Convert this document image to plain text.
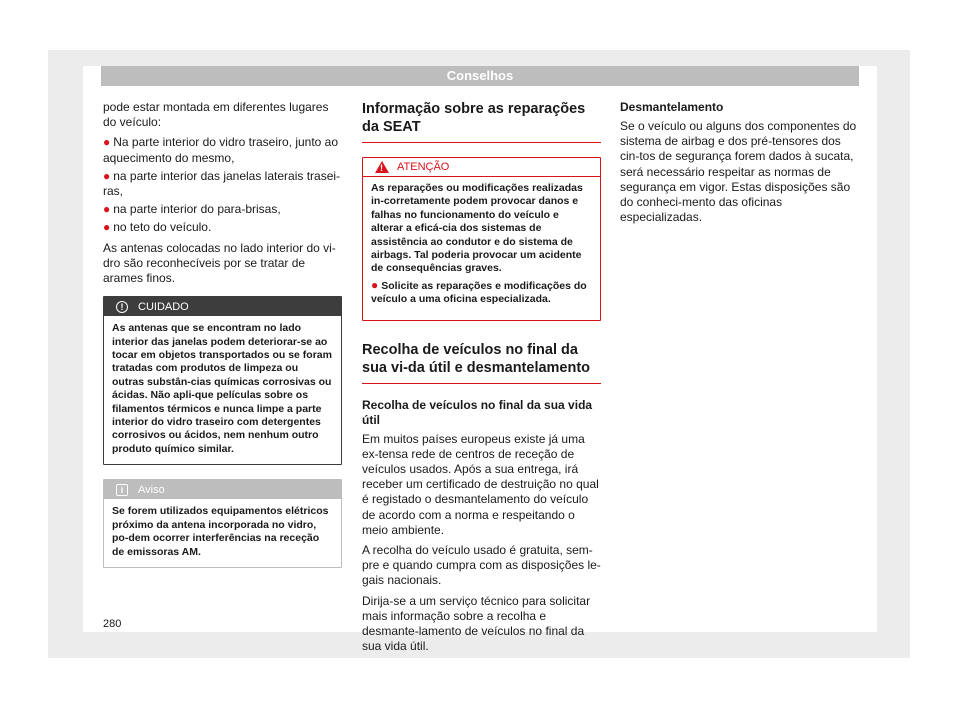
Conselhos

pode estar montada em diferentes lugares do veículo:

● Na parte interior do vidro traseiro, junto ao aquecimento do mesmo,
● na parte interior das janelas laterais trasei-ras,
● na parte interior do para-brisas,
● no teto do veículo.

As antenas colocadas no lado interior do vi-dro são reconhecíveis por se tratar de arames finos.

!	CUIDADO
As antenas que se encontram no lado interior das janelas podem deteriorar-se ao tocar em objetos transportados ou se foram tratadas com produtos de limpeza ou outras substân-cias químicas corrosivas ou ácidas. Não apli-que películas sobre os filamentos térmicos e nunca limpe a parte interior do vidro traseiro com detergentes corrosivos ou ácidos, nem nenhum outro produto químico similar.
i	Aviso
Se forem utilizados equipamentos elétricos próximo da antena incorporada no vidro, po-dem ocorrer interferências na receção de emissoras AM.
Informação sobre as reparações da SEAT
! ATENÇÃO
As reparações ou modificações realizadas in-corretamente podem provocar danos e falhas no funcionamento do veículo e alterar a eficá-cia dos sistemas de assistência ao condutor e do sistema de airbags. Tal poderia provocar um acidente de consequências graves.
● Solicite as reparações e modificações do veículo a uma oficina especializada.
Recolha de veículos no final da sua vi-da útil e desmantelamento
Recolha de veículos no final da sua vida útil

Em muitos países europeus existe já uma ex-tensa rede de centros de receção de veículos usados. Após a sua entrega, irá receber um certificado de destruição no qual é registado o desmantelamento do veículo de acordo com a norma e respeitando o meio ambiente.

A recolha do veículo usado é gratuita, sem-pre e quando cumpra com as disposições le-gais nacionais.

Dirija-se a um serviço técnico para solicitar mais informação sobre a recolha e desmante-lamento de veículos no final da sua vida útil.

Desmantelamento

Se o veículo ou alguns dos componentes do sistema de airbag e dos pré-tensores dos cin-tos de segurança forem dados à sucata, será necessário respeitar as normas de segurança em vigor. Estas disposições são do conheci-mento das oficinas especializadas.

280
